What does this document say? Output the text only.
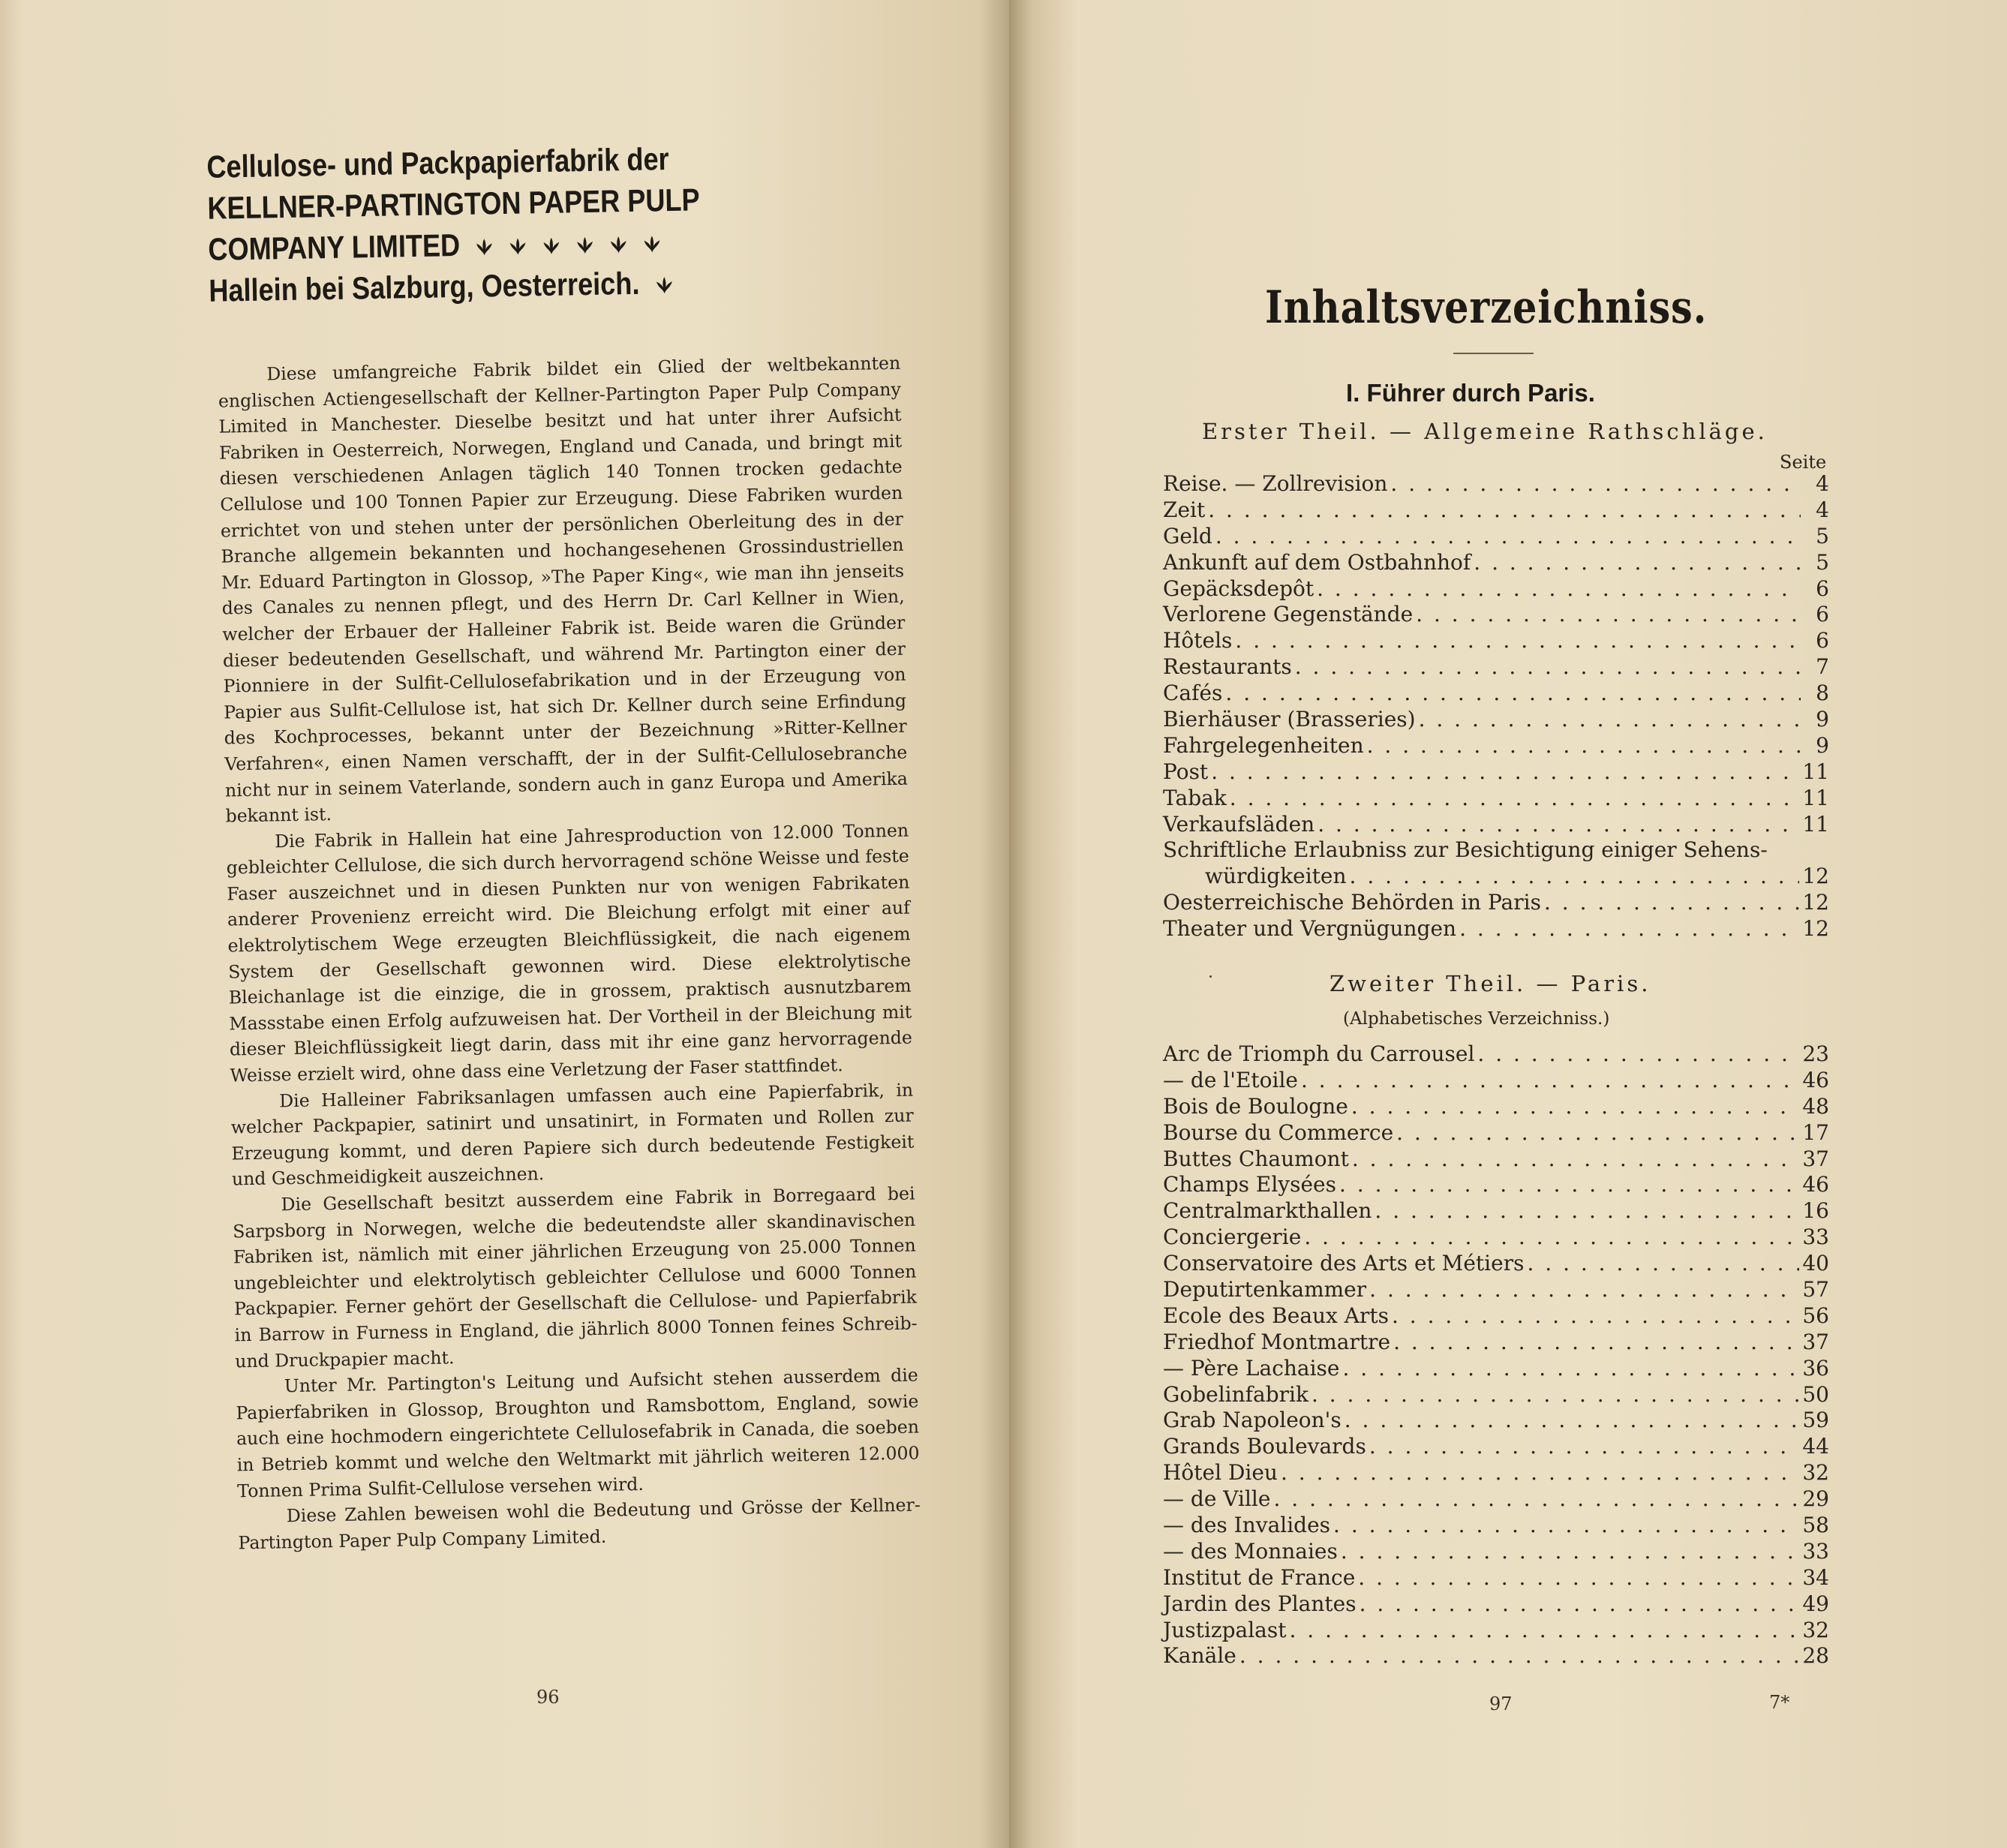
Cellulose- und Packpapierfabrik der
KELLNER-PARTINGTON PAPER PULP
COMPANY LIMITED
Hallein bei Salzburg, Oesterreich.

Diese umfangreiche Fabrik bildet ein Glied der weltbekannten englischen Actiengesellschaft der Kellner-Partington Paper Pulp Company Limited in Manchester. Dieselbe besitzt und hat unter ihrer Aufsicht Fabriken in Oesterreich, Norwegen, England und Canada, und bringt mit diesen verschiedenen Anlagen täglich 140 Tonnen trocken gedachte Cellulose und 100 Tonnen Papier zur Erzeugung. Diese Fabriken wurden errichtet von und stehen unter der persönlichen Oberleitung des in der Branche allgemein bekannten und hochangesehenen Grossindustriellen Mr. Eduard Partington in Glossop, »The Paper King«, wie man ihn jenseits des Canales zu nennen pflegt, und des Herrn Dr. Carl Kellner in Wien, welcher der Erbauer der Halleiner Fabrik ist. Beide waren die Gründer dieser bedeutenden Gesellschaft, und während Mr. Partington einer der Pionniere in der Sulfit-Cellulosefabrikation und in der Erzeugung von Papier aus Sulfit-Cellulose ist, hat sich Dr. Kellner durch seine Erfindung des Kochprocesses, bekannt unter der Bezeichnung »Ritter-Kellner Verfahren«, einen Namen verschafft, der in der Sulfit-Cellulosebranche nicht nur in seinem Vaterlande, sondern auch in ganz Europa und Amerika bekannt ist.

Die Fabrik in Hallein hat eine Jahresproduction von 12.000 Tonnen gebleichter Cellulose, die sich durch hervorragend schöne Weisse und feste Faser auszeichnet und in diesen Punkten nur von wenigen Fabrikaten anderer Provenienz erreicht wird. Die Bleichung erfolgt mit einer auf elektrolytischem Wege erzeugten Bleichflüssigkeit, die nach eigenem System der Gesellschaft gewonnen wird. Diese elektrolytische Bleichanlage ist die einzige, die in grossem, praktisch ausnutzbarem Massstabe einen Erfolg aufzuweisen hat. Der Vortheil in der Bleichung mit dieser Bleichflüssigkeit liegt darin, dass mit ihr eine ganz hervorragende Weisse erzielt wird, ohne dass eine Verletzung der Faser stattfindet.

Die Halleiner Fabriksanlagen umfassen auch eine Papierfabrik, in welcher Packpapier, satinirt und unsatinirt, in Formaten und Rollen zur Erzeugung kommt, und deren Papiere sich durch bedeutende Festigkeit und Geschmeidigkeit auszeichnen.

Die Gesellschaft besitzt ausserdem eine Fabrik in Borregaard bei Sarpsborg in Norwegen, welche die bedeutendste aller skandinavischen Fabriken ist, nämlich mit einer jährlichen Erzeugung von 25.000 Tonnen ungebleichter und elektrolytisch gebleichter Cellulose und 6000 Tonnen Packpapier. Ferner gehört der Gesellschaft die Cellulose- und Papierfabrik in Barrow in Furness in England, die jährlich 8000 Tonnen feines Schreib- und Druckpapier macht.

Unter Mr. Partington's Leitung und Aufsicht stehen ausserdem die Papierfabriken in Glossop, Broughton und Ramsbottom, England, sowie auch eine hochmodern eingerichtete Cellulosefabrik in Canada, die soeben in Betrieb kommt und welche den Weltmarkt mit jährlich weiteren 12.000 Tonnen Prima Sulfit-Cellulose versehen wird.

Diese Zahlen beweisen wohl die Bedeutung und Grösse der Kellner-Partington Paper Pulp Company Limited.

96
Inhaltsverzeichniss.
I. Führer durch Paris.
Erster Theil. — Allgemeine Rathschläge.
Seite
Reise. — Zollrevision . . .	4
Zeit . . .	4
Geld . . .	5
Ankunft auf dem Ostbahnhof . . .	5
Gepäcksdepôt . . .	6
Verlorene Gegenstände . . .	6
Hôtels . . .	6
Restaurants . . .	7
Cafés . . .	8
Bierhäuser (Brasseries) . . .	9
Fahrgelegenheiten . . .	9
Post . . .	11
Tabak . . .	11
Verkaufsläden . . .	11
Schriftliche Erlaubniss zur Besichtigung einiger Sehens-
würdigkeiten . . .	12
Oesterreichische Behörden in Paris . . .	12
Theater und Vergnügungen . . .	12
Zweiter Theil. — Paris.
(Alphabetisches Verzeichniss.)
Arc de Triomph du Carrousel . . .	23
— de l'Etoile . . .	46
Bois de Boulogne . . .	48
Bourse du Commerce . . .	17
Buttes Chaumont . . .	37
Champs Elysées . . .	46
Centralmarkthallen . . .	16
Conciergerie . . .	33
Conservatoire des Arts et Métiers . . .	40
Deputirtenkammer . . .	57
Ecole des Beaux Arts . . .	56
Friedhof Montmartre . . .	37
— Père Lachaise . . .	36
Gobelinfabrik . . .	50
Grab Napoleon's . . .	59
Grands Boulevards . . .	44
Hôtel Dieu . . .	32
— de Ville . . .	29
— des Invalides . . .	58
— des Monnaies . . .	33
Institut de France . . .	34
Jardin des Plantes . . .	49
Justizpalast . . .	32
Kanäle . . .	28
97	7*
